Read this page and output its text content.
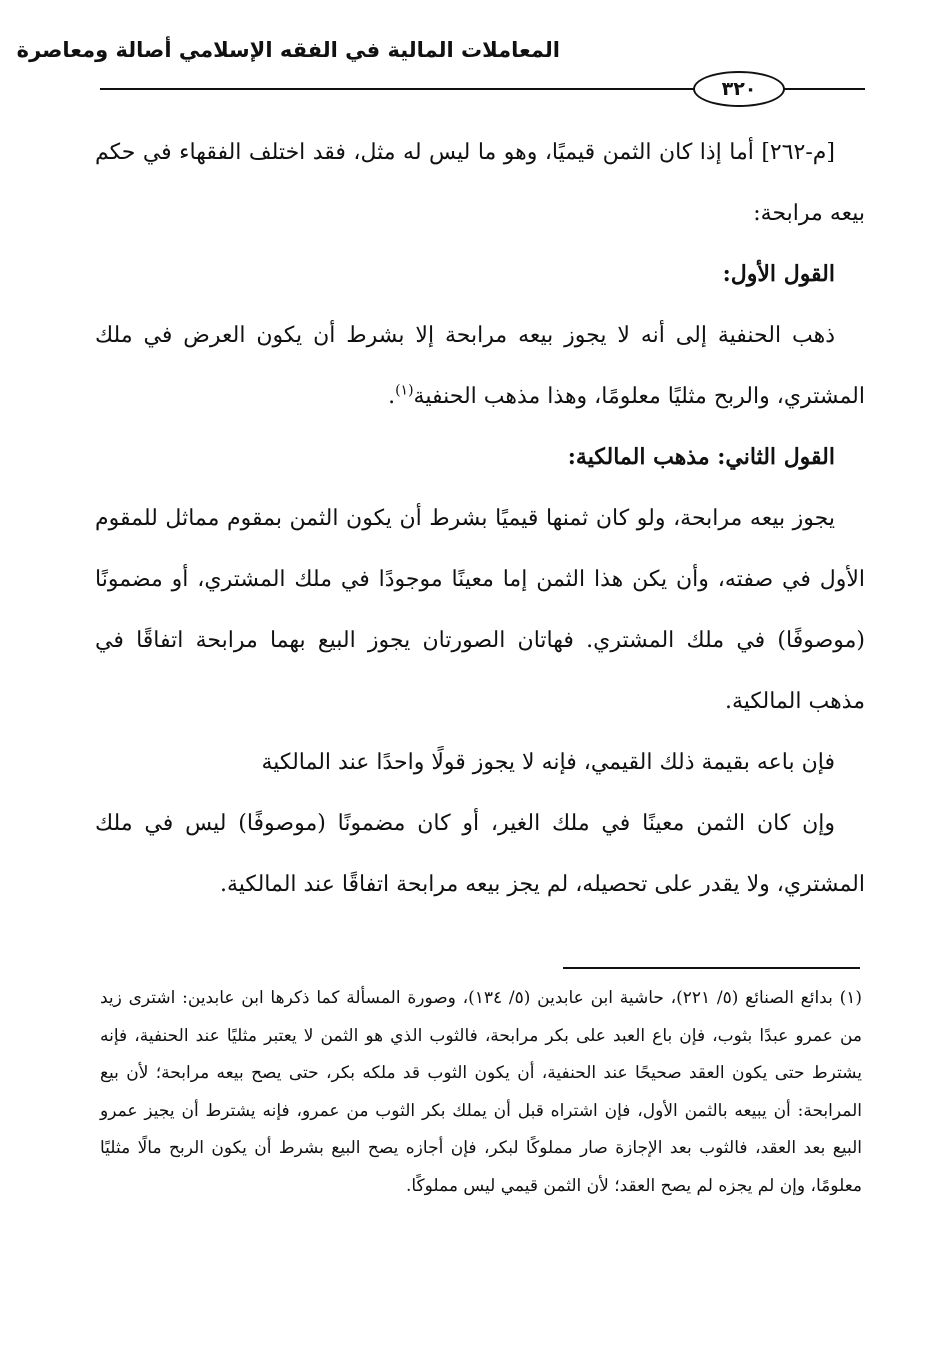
المعاملات المالية في الفقه الإسلامي أصالة ومعاصرة
٣٢٠

[م-٢٦٢] أما إذا كان الثمن قيميًا، وهو ما ليس له مثل، فقد اختلف الفقهاء في حكم بيعه مرابحة:

القول الأول:

ذهب الحنفية إلى أنه لا يجوز بيعه مرابحة إلا بشرط أن يكون العرض في ملك المشتري، والربح مثليًا معلومًا، وهذا مذهب الحنفية$^{(١)}$.

القول الثاني: مذهب المالكية:

يجوز بيعه مرابحة، ولو كان ثمنها قيميًا بشرط أن يكون الثمن بمقوم مماثل للمقوم الأول في صفته، وأن يكن هذا الثمن إما معينًا موجودًا في ملك المشتري، أو مضمونًا (موصوفًا) في ملك المشتري. فهاتان الصورتان يجوز البيع بهما مرابحة اتفاقًا في مذهب المالكية.

فإن باعه بقيمة ذلك القيمي، فإنه لا يجوز قولًا واحدًا عند المالكية

وإن كان الثمن معينًا في ملك الغير، أو كان مضمونًا (موصوفًا) ليس في ملك المشتري، ولا يقدر على تحصيله، لم يجز بيعه مرابحة اتفاقًا عند المالكية.

(١) بدائع الصنائع (٥/ ٢٢١)، حاشية ابن عابدين (٥/ ١٣٤)، وصورة المسألة كما ذكرها ابن عابدين: اشترى زيد من عمرو عبدًا بثوب، فإن باع العبد على بكر مرابحة، فالثوب الذي هو الثمن لا يعتبر مثليًا عند الحنفية، فإنه يشترط حتى يكون العقد صحيحًا عند الحنفية، أن يكون الثوب قد ملكه بكر، حتى يصح بيعه مرابحة؛ لأن بيع المرابحة: أن يبيعه بالثمن الأول، فإن اشتراه قبل أن يملك بكر الثوب من عمرو، فإنه يشترط أن يجيز عمرو البيع بعد العقد، فالثوب بعد الإجازة صار مملوكًا لبكر، فإن أجازه يصح البيع بشرط أن يكون الربح مالًا مثليًا معلومًا، وإن لم يجزه لم يصح العقد؛ لأن الثمن قيمي ليس مملوكًا.
